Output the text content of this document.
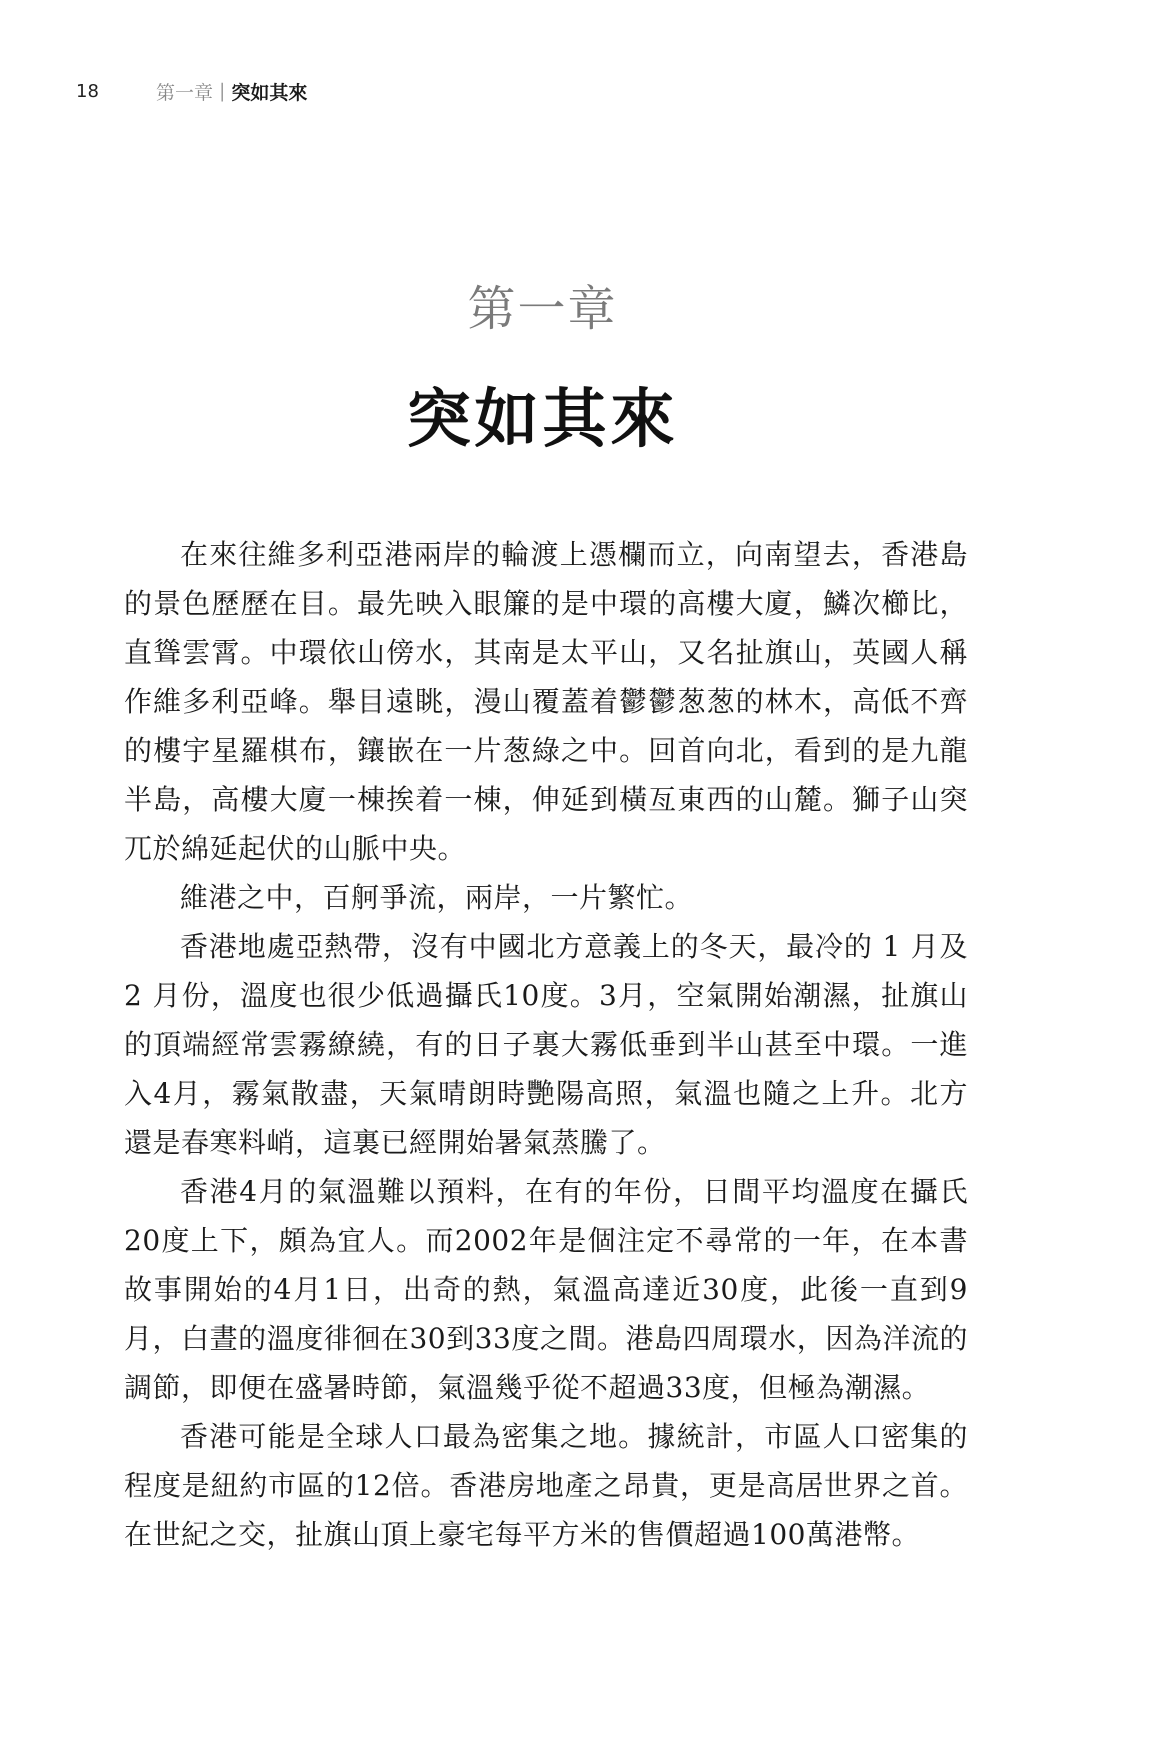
18	第一章 | 突如其來
第一章
突如其來

在來往維多利亞港兩岸的輪渡上憑欄而立，向南望去，香港島的景色歷歷在目。最先映入眼簾的是中環的高樓大廈，鱗次櫛比，直聳雲霄。中環依山傍水，其南是太平山，又名扯旗山，英國人稱作維多利亞峰。舉目遠眺，漫山覆蓋着鬱鬱葱葱的林木，高低不齊的樓宇星羅棋布，鑲嵌在一片葱綠之中。回首向北，看到的是九龍半島，高樓大廈一棟挨着一棟，伸延到橫亙東西的山麓。獅子山突兀於綿延起伏的山脈中央。

維港之中，百舸爭流，兩岸，一片繁忙。

香港地處亞熱帶，沒有中國北方意義上的冬天，最冷的 1 月及 2 月份，溫度也很少低過攝氏10度。3月，空氣開始潮濕，扯旗山的頂端經常雲霧繚繞，有的日子裏大霧低垂到半山甚至中環。一進入4月，霧氣散盡，天氣晴朗時艷陽高照，氣溫也隨之上升。北方還是春寒料峭，這裏已經開始暑氣蒸騰了。

香港4月的氣溫難以預料，在有的年份，日間平均溫度在攝氏20度上下，頗為宜人。而2002年是個注定不尋常的一年，在本書故事開始的4月1日，出奇的熱，氣溫高達近30度，此後一直到9月，白晝的溫度徘徊在30到33度之間。港島四周環水，因為洋流的調節，即便在盛暑時節，氣溫幾乎從不超過33度，但極為潮濕。

香港可能是全球人口最為密集之地。據統計，市區人口密集的程度是紐約市區的12倍。香港房地產之昂貴，更是高居世界之首。在世紀之交，扯旗山頂上豪宅每平方米的售價超過100萬港幣。
